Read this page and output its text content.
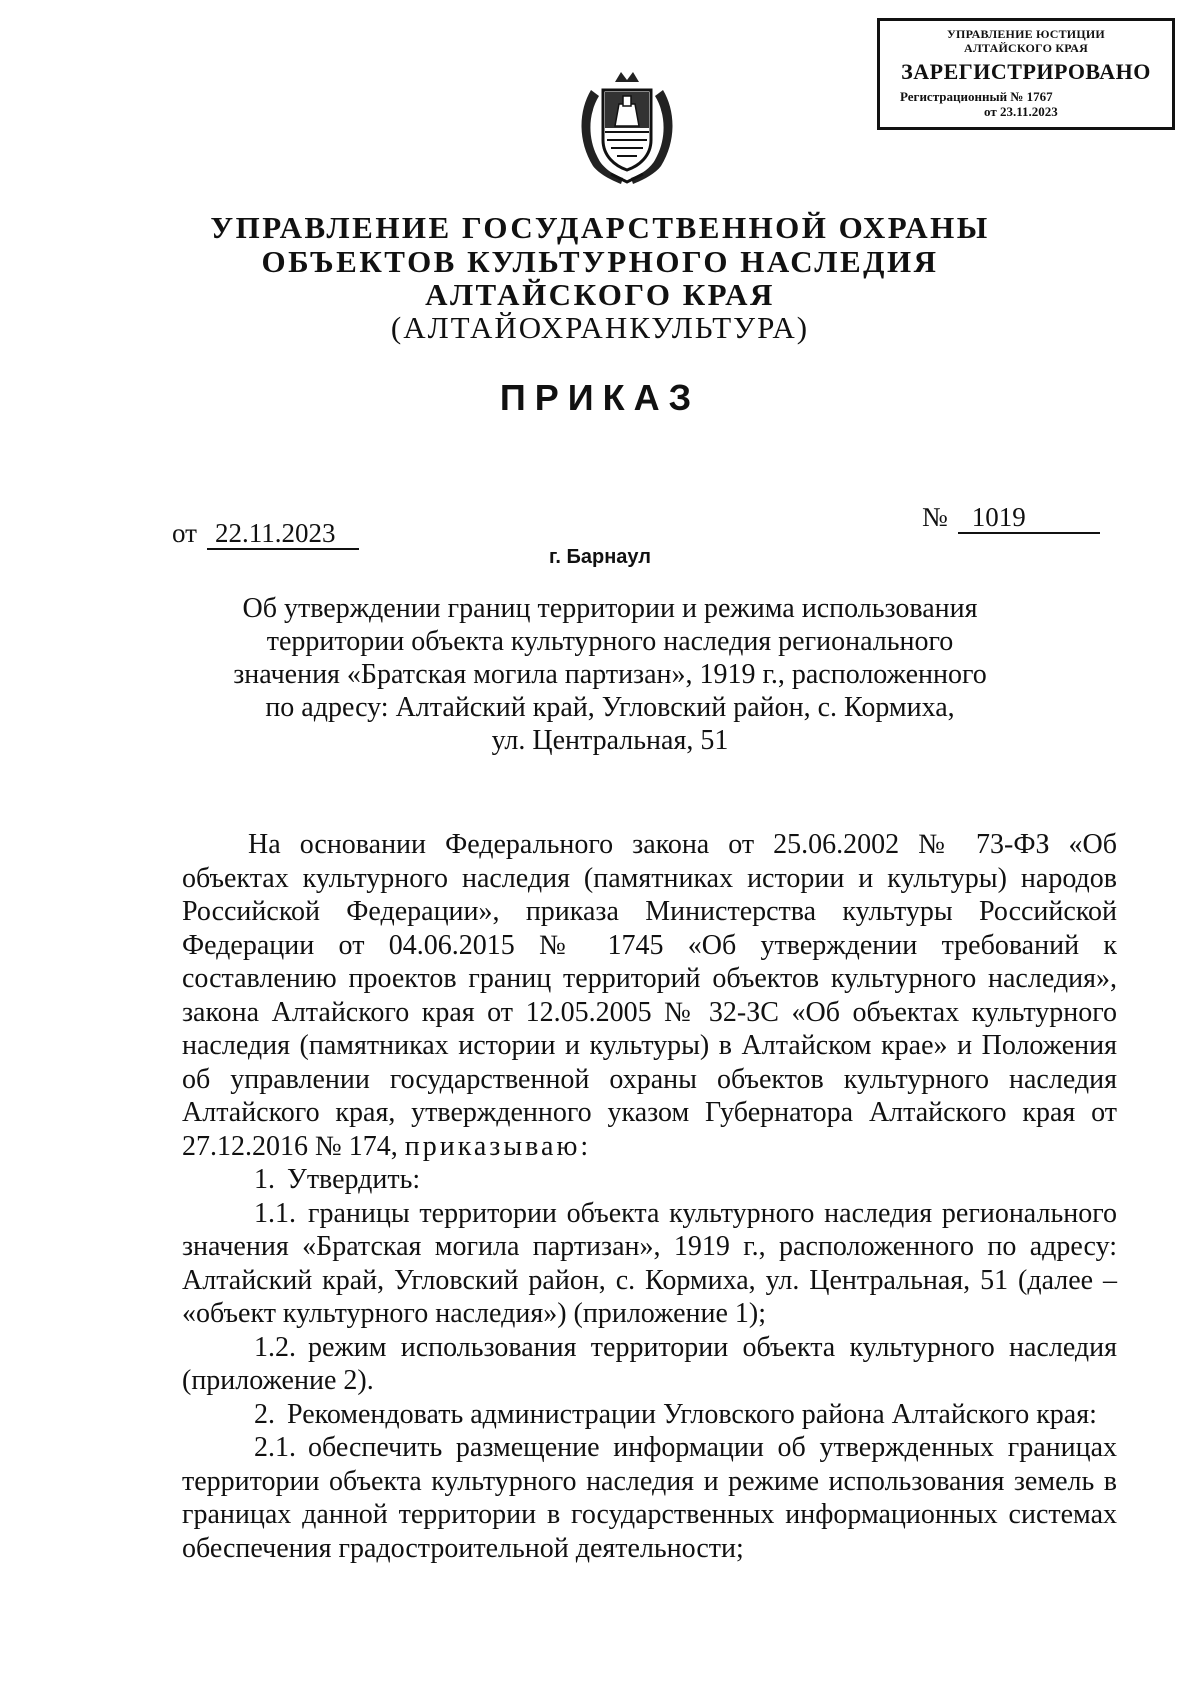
УПРАВЛЕНИЕ ЮСТИЦИИ
АЛТАЙСКОГО КРАЯ
ЗАРЕГИСТРИРОВАНО
Регистрационный № 1767
от 23.11.2023
УПРАВЛЕНИЕ ГОСУДАРСТВЕННОЙ ОХРАНЫ
ОБЪЕКТОВ КУЛЬТУРНОГО НАСЛЕДИЯ
АЛТАЙСКОГО КРАЯ
(АЛТАЙОХРАНКУЛЬТУРА)
ПРИКАЗ
от 22.11.2023
№ 1019
г. Барнаул
Об утверждении границ территории и режима использования
территории объекта культурного наследия регионального
значения «Братская могила партизан», 1919 г., расположенного
по адресу: Алтайский край, Угловский район, с. Кормиха,
ул. Центральная, 51

На основании Федерального закона от 25.06.2002 № 73-ФЗ «Об объектах культурного наследия (памятниках истории и культуры) народов Российской Федерации», приказа Министерства культуры Российской Федерации от 04.06.2015 № 1745 «Об утверждении требований к составлению проектов границ территорий объектов культурного наследия», закона Алтайского края от 12.05.2005 № 32-ЗС «Об объектах культурного наследия (памятниках истории и культуры) в Алтайском крае» и Положения об управлении государственной охраны объектов культурного наследия Алтайского края, утвержденного указом Губернатора Алтайского края от 27.12.2016 № 174, приказываю:

1. Утвердить:

1.1. границы территории объекта культурного наследия регионального значения «Братская могила партизан», 1919 г., расположенного по адресу: Алтайский край, Угловский район, с. Кормиха, ул. Центральная, 51 (далее – «объект культурного наследия») (приложение 1);

1.2. режим использования территории объекта культурного наследия (приложение 2).

2. Рекомендовать администрации Угловского района Алтайского края:

2.1. обеспечить размещение информации об утвержденных границах территории объекта культурного наследия и режиме использования земель в границах данной территории в государственных информационных системах обеспечения градостроительной деятельности;
